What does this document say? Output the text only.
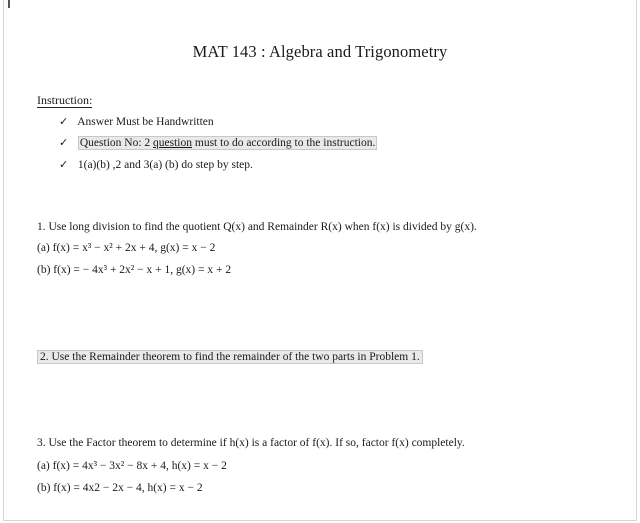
MAT 143 : Algebra and Trigonometry
Instruction:
✓ Answer Must be Handwritten
✓ Question No: 2 question must to do according to the instruction.
✓ 1(a)(b) ,2 and 3(a) (b) do step by step.
1. Use long division to find the quotient Q(x) and Remainder R(x) when f(x) is divided by g(x).
(a) f(x) = x³ − x² + 2x + 4, g(x) = x − 2
(b) f(x) = − 4x³ + 2x² − x + 1, g(x) = x + 2
2. Use the Remainder theorem to find the remainder of the two parts in Problem 1.
3. Use the Factor theorem to determine if h(x) is a factor of f(x). If so, factor f(x) completely.
(a) f(x) = 4x³ − 3x² − 8x + 4, h(x) = x − 2
(b) f(x) = 4x2 − 2x − 4, h(x) = x − 2
